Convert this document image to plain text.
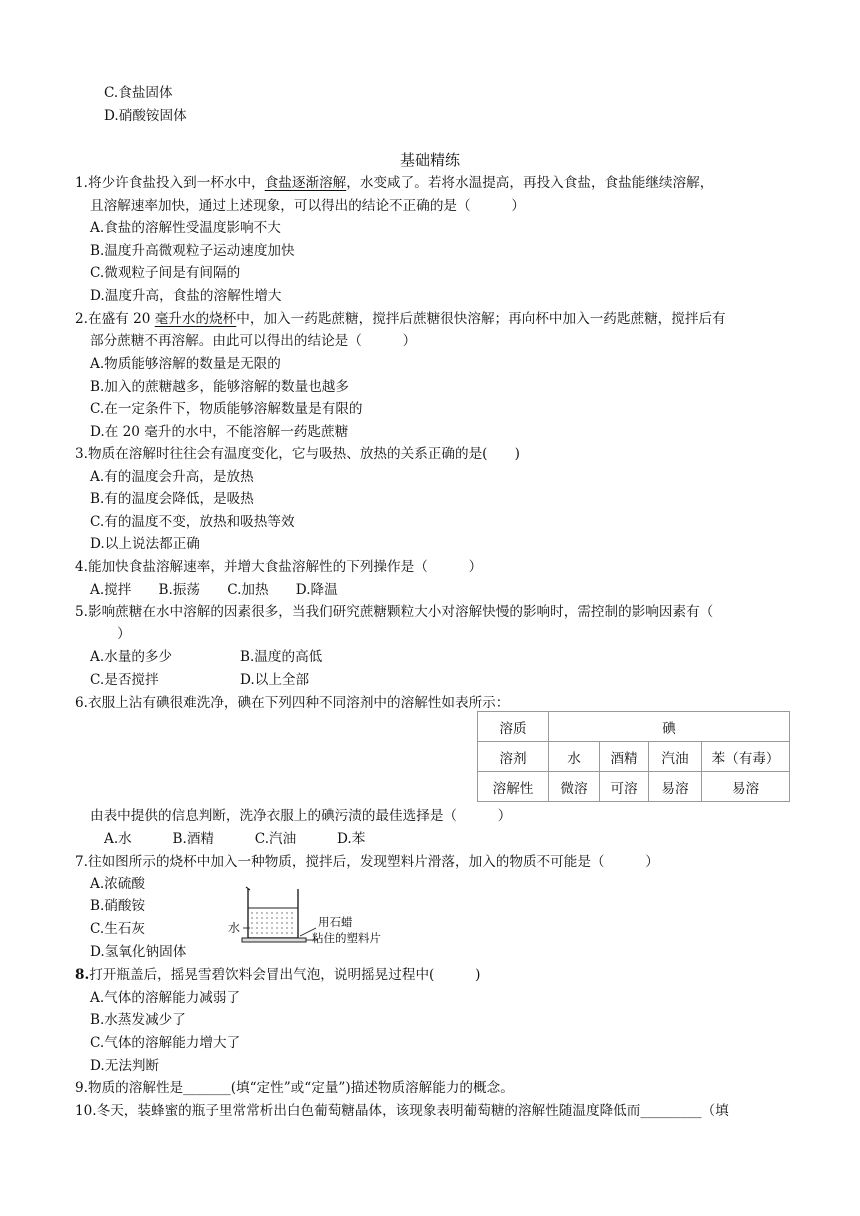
C.食盐固体
D.硝酸铵固体
基础精练
1.将少许食盐投入到一杯水中，食盐逐渐溶解，水变咸了。若将水温提高，再投入食盐，食盐能继续溶解，
且溶解速率加快，通过上述现象，可以得出的结论不正确的是（　　　）
A.食盐的溶解性受温度影响不大
B.温度升高微观粒子运动速度加快
C.微观粒子间是有间隔的
D.温度升高，食盐的溶解性增大
2.在盛有 20 毫升水的烧杯中，加入一药匙蔗糖，搅拌后蔗糖很快溶解；再向杯中加入一药匙蔗糖，搅拌后有
部分蔗糖不再溶解。由此可以得出的结论是（　　　）
A.物质能够溶解的数量是无限的
B.加入的蔗糖越多，能够溶解的数量也越多
C.在一定条件下，物质能够溶解数量是有限的
D.在 20 毫升的水中，不能溶解一药匙蔗糖
3.物质在溶解时往往会有温度变化，它与吸热、放热的关系正确的是(　　)
A.有的温度会升高，是放热
B.有的温度会降低，是吸热
C.有的温度不变，放热和吸热等效
D.以上说法都正确
4.能加快食盐溶解速率，并增大食盐溶解性的下列操作是（　　　）
A.搅拌　　B.振荡　　C.加热　　D.降温
5.影响蔗糖在水中溶解的因素很多，当我们研究蔗糖颗粒大小对溶解快慢的影响时，需控制的影响因素有（
　　）
A.水量的多少	B.温度的高低
C.是否搅拌	D.以上全部
6.衣服上沾有碘很难洗净，碘在下列四种不同溶剂中的溶解性如表所示：
溶质	碘			
溶剂	水	酒精	汽油	苯（有毒）
溶解性	微溶	可溶	易溶	易溶
由表中提供的信息判断，洗净衣服上的碘污渍的最佳选择是（　　　）
A.水　　　B.酒精　　　C.汽油　　　D.苯
7.往如图所示的烧杯中加入一种物质，搅拌后，发现塑料片滑落，加入的物质不可能是（　　　）
A.浓硫酸
B.硝酸铵
C.生石灰
D.氢氧化钠固体
水	用石蜡
粘住的塑料片
8.打开瓶盖后，摇晃雪碧饮料会冒出气泡，说明摇晃过程中(　　　)
A.气体的溶解能力减弱了
B.水蒸发减少了
C.气体的溶解能力增大了
D.无法判断
9.物质的溶解性是_______(填“定性”或“定量”)描述物质溶解能力的概念。
10.冬天，装蜂蜜的瓶子里常常析出白色葡萄糖晶体，该现象表明葡萄糖的溶解性随温度降低而_________（填
